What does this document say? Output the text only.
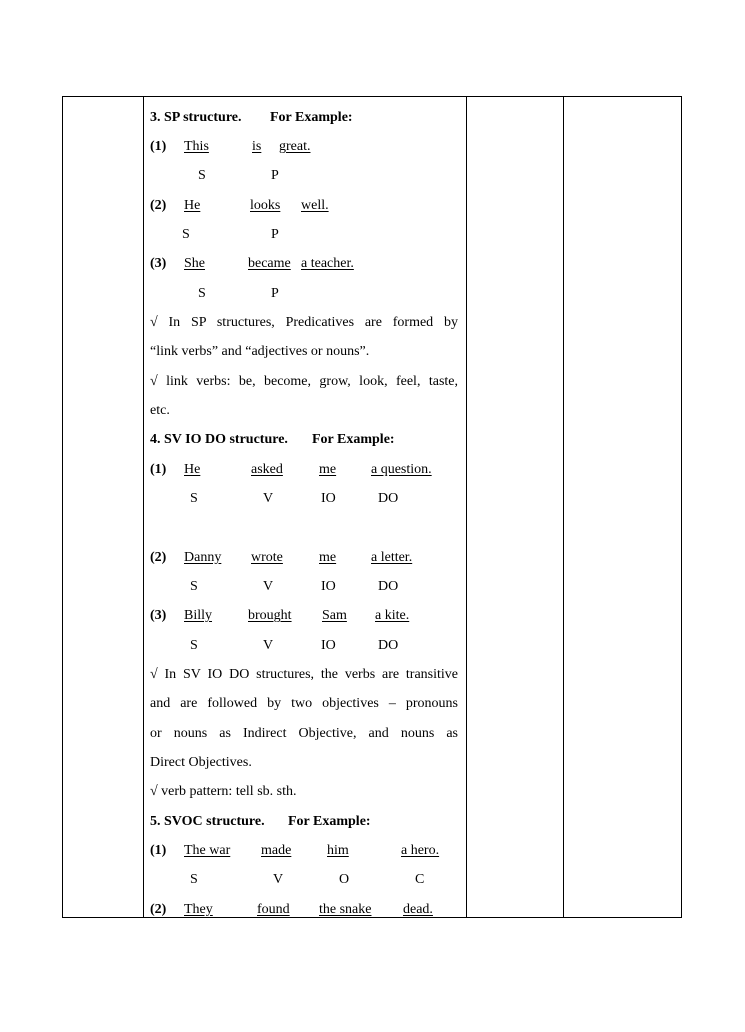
3. SP structure. For Example:
(1) This	is great.
S	P
(2) He	looks well.
S	P
(3) She	became a teacher.
S	P
√ In SP structures, Predicatives are formed by
“link verbs” and “adjectives or nouns”.
√ link verbs: be, become, grow, look, feel, taste,
etc.
4. SV IO DO structure. For Example:
(1) He	asked	me a question.
S	V	IO	DO
(2) Danny wrote	me a letter.
S	V	IO	DO
(3) Billy	brought Sam a kite.
S	V	IO	DO
√ In SV IO DO structures, the verbs are transitive
and are followed by two objectives – pronouns
or nouns as Indirect Objective, and nouns as
Direct Objectives.
√ verb pattern: tell sb. sth.
5. SVOC structure. For Example:
(1) The war made	him	a hero.
S	V	O	C
(2) They	found the snake dead.
